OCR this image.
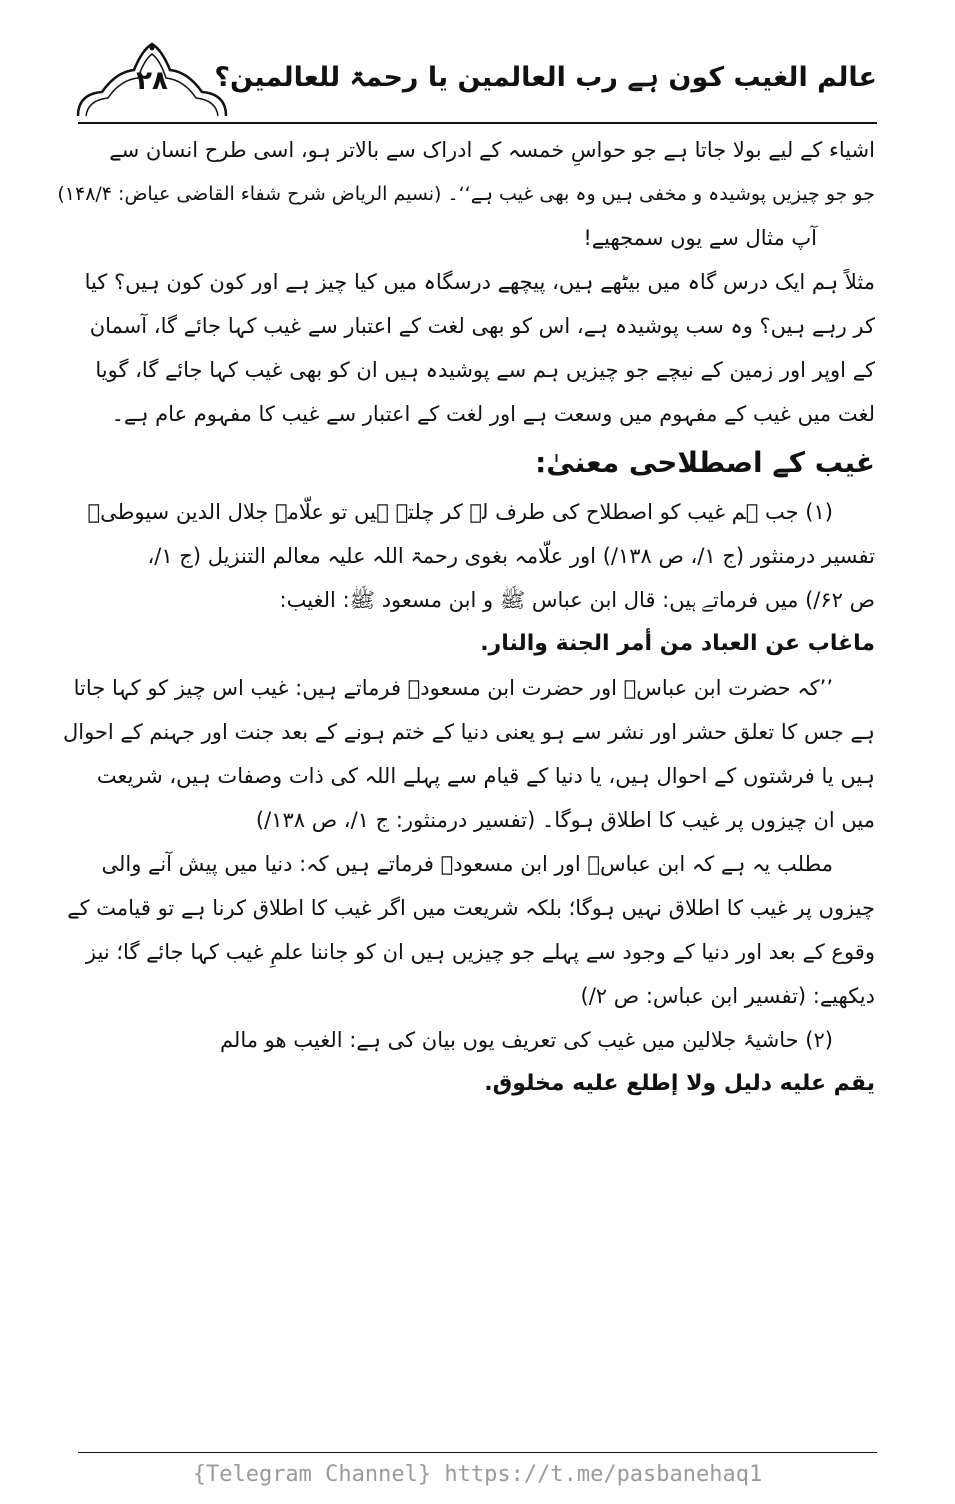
۲۸	عالم الغیب کون ہے رب العالمین یا رحمۃ للعالمین؟
اشیاء کے لیے بولا جاتا ہے جو حواسِ خمسہ کے ادراک سے بالاتر ہو، اسی طرح انسان سے
جو جو چیزیں پوشیدہ و مخفی ہیں وہ بھی غیب ہے‘‘۔ (نسیم الریاض شرح شفاء القاضی عیاض: ۱۴۸/۴)
آپ مثال سے یوں سمجھیے!
مثلاً ہم ایک درس گاہ میں بیٹھے ہیں، پیچھے درسگاہ میں کیا چیز ہے اور کون کون ہیں؟ کیا
کر رہے ہیں؟ وہ سب پوشیدہ ہے، اس کو بھی لغت کے اعتبار سے غیب کہا جائے گا، آسمان
کے اوپر اور زمین کے نیچے جو چیزیں ہم سے پوشیدہ ہیں ان کو بھی غیب کہا جائے گا، گویا
لغت میں غیب کے مفہوم میں وسعت ہے اور لغت کے اعتبار سے غیب کا مفہوم عام ہے۔
غیب کے اصطلاحی معنیٰ:
(۱) جب ہم غیب کو اصطلاح کی طرف لے کر چلتے ہیں تو علّامہ جلال الدین سیوطیؒ
تفسیر درمنثور (ج ۱/، ص ۱۳۸/) اور علّامہ بغوی رحمۃ اللہ علیہ معالم التنزیل (ج ۱/،
ص ۶۲/) میں فرماتے ہیں: قال ابن عباس ﷺ و ابن مسعود ﷺ: الغیب:
ماغاب عن العباد من أمر الجنة والنار.
’’کہ حضرت ابن عباسؓ اور حضرت ابن مسعودؓ فرماتے ہیں: غیب اس چیز کو کہا جاتا
ہے جس کا تعلق حشر اور نشر سے ہو یعنی دنیا کے ختم ہونے کے بعد جنت اور جہنم کے احوال
ہیں یا فرشتوں کے احوال ہیں، یا دنیا کے قیام سے پہلے اللہ کی ذات وصفات ہیں، شریعت
میں ان چیزوں پر غیب کا اطلاق ہوگا۔ (تفسیر درمنثور: ج ۱/، ص ۱۳۸/)
مطلب یہ ہے کہ ابن عباسؓ اور ابن مسعودؓ فرماتے ہیں کہ: دنیا میں پیش آنے والی
چیزوں پر غیب کا اطلاق نہیں ہوگا؛ بلکہ شریعت میں اگر غیب کا اطلاق کرنا ہے تو قیامت کے
وقوع کے بعد اور دنیا کے وجود سے پہلے جو چیزیں ہیں ان کو جاننا علمِ غیب کہا جائے گا؛ نیز
دیکھیے: (تفسیر ابن عباس: ص ۲/)
(۲) حاشیۂ جلالین میں غیب کی تعریف یوں بیان کی ہے: الغيب هو مالم
يقم عليه دليل ولا إطلع عليه مخلوق.
{Telegram Channel} https://t.me/pasbanehaq1
